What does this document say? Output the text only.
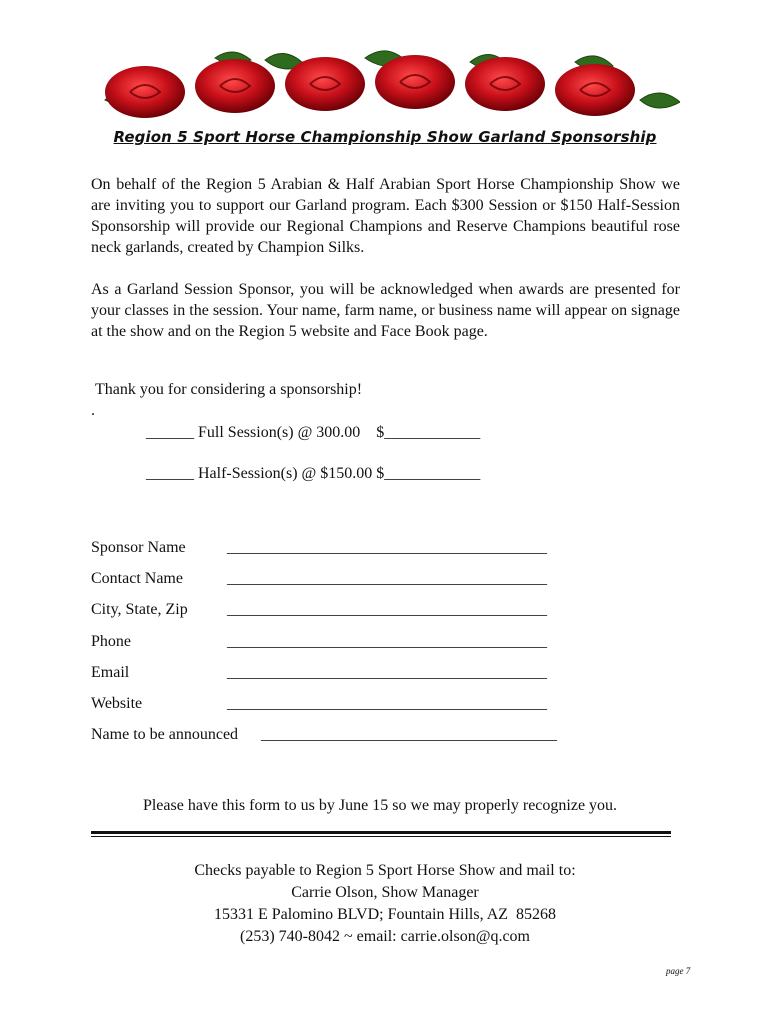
Region 5 Sport Horse Championship Show Garland Sponsorship
On behalf of the Region 5 Arabian & Half Arabian Sport Horse Championship Show we are inviting you to support our Garland program. Each $300 Session or $150 Half-Session Sponsorship will provide our Regional Champions and Reserve Champions beautiful rose neck garlands, created by Champion Silks.
As a Garland Session Sponsor, you will be acknowledged when awards are presented for your classes in the session. Your name, farm name, or business name will appear on signage at the show and on the Region 5 website and Face Book page.
Thank you for considering a sponsorship!
.
______ Full Session(s) @ 300.00    $____________
______ Half-Session(s) @ $150.00 $____________
Sponsor Name	________________________________________
Contact Name	________________________________________
City, State, Zip ________________________________________
Phone	________________________________________
Email	________________________________________
Website	________________________________________
Name to be announced _____________________________________
Please have this form to us by June 15 so we may properly recognize you.
Checks payable to Region 5 Sport Horse Show and mail to:
Carrie Olson, Show Manager
15331 E Palomino BLVD; Fountain Hills, AZ  85268
(253) 740-8042 ~ email: carrie.olson@q.com
page 7
